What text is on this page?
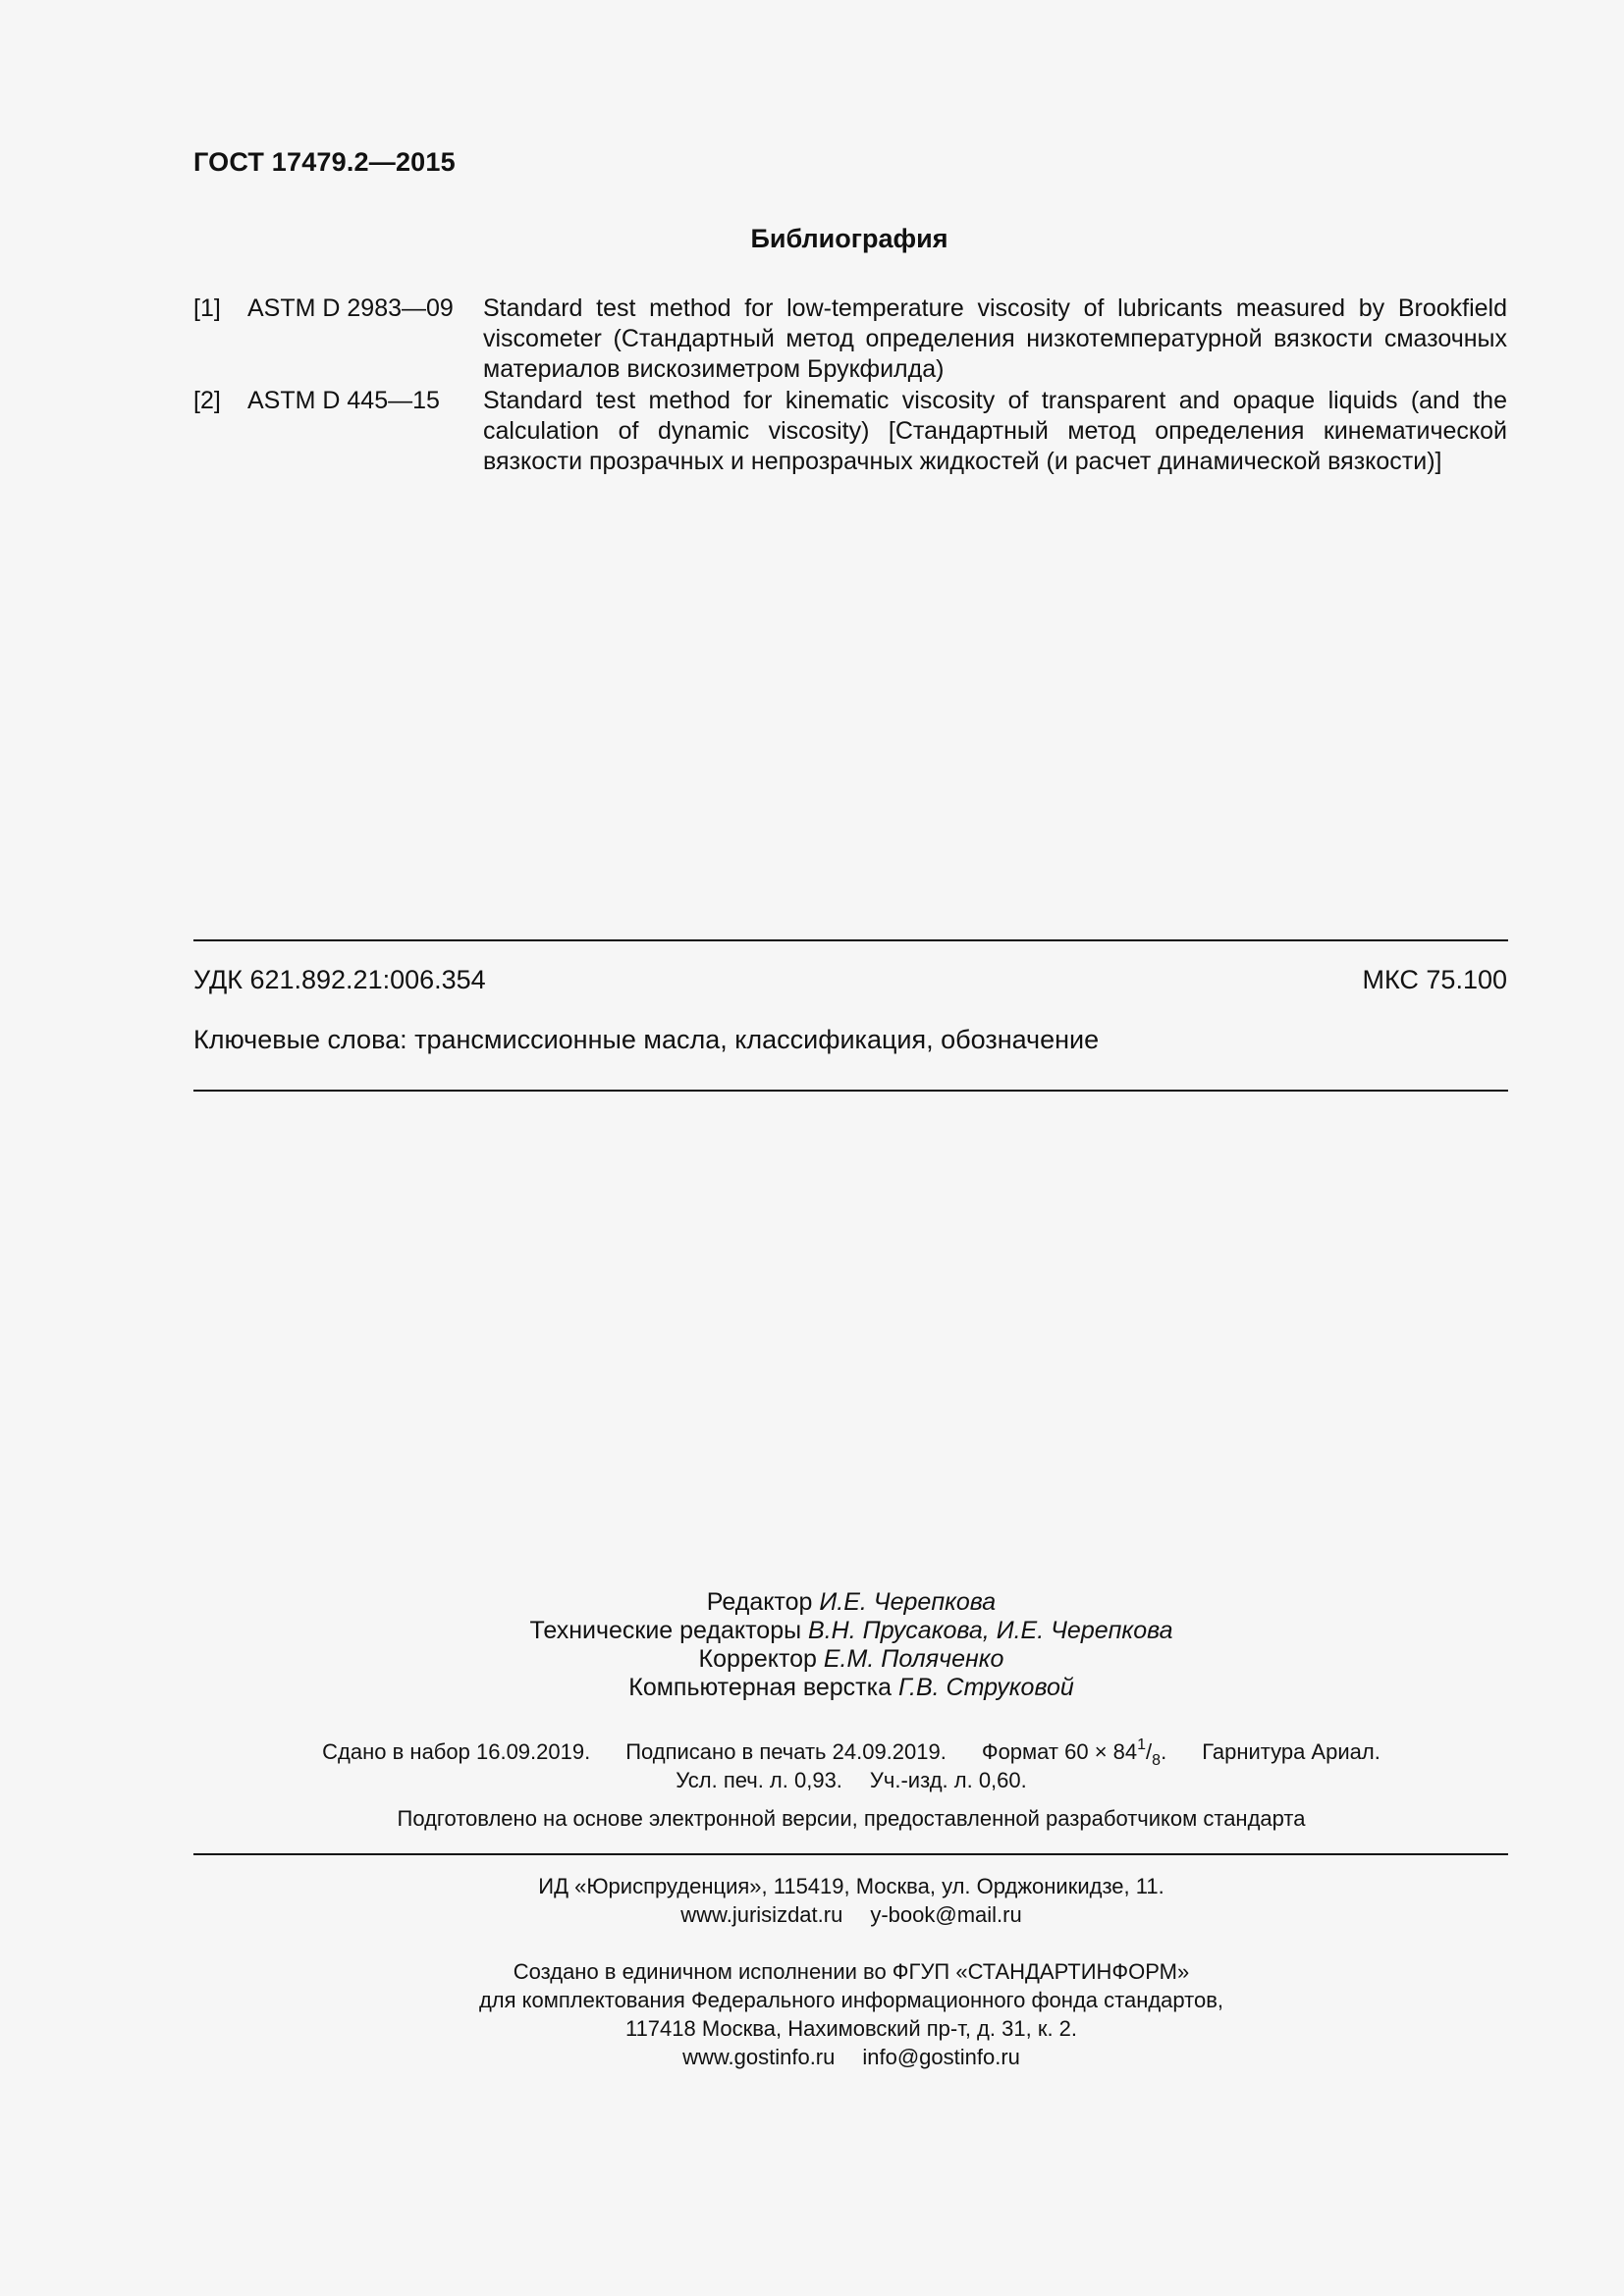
ГОСТ 17479.2—2015
Библиография
[1]	ASTM D 2983—09	Standard test method for low-temperature viscosity of lubricants measured by Brookfield viscometer (Стандартный метод определения низкотемпературной вязкости смазочных материалов вискозиметром Брукфилда)
[2]	ASTM D 445—15	Standard test method for kinematic viscosity of transparent and opaque liquids (and the calculation of dynamic viscosity) [Стандартный метод определения кинематической вязкости прозрачных и непрозрачных жидкостей (и расчет динамической вязкости)]
УДК 621.892.21:006.354	МКС 75.100
Ключевые слова: трансмиссионные масла, классификация, обозначение
Редактор И.Е. Черепкова
Технические редакторы В.Н. Прусакова, И.Е. Черепкова
Корректор Е.М. Поляченко
Компьютерная верстка Г.В. Струковой
Сдано в набор 16.09.2019. Подписано в печать 24.09.2019. Формат $60 \times 84^1/_8$. Гарнитура Ариал.
Усл. печ. л. 0,93. Уч.-изд. л. 0,60.
Подготовлено на основе электронной версии, предоставленной разработчиком стандарта
ИД «Юриспруденция», 115419, Москва, ул. Орджоникидзе, 11.
www.jurisizdat.ru y-book@mail.ru
Создано в единичном исполнении во ФГУП «СТАНДАРТИНФОРМ»
для комплектования Федерального информационного фонда стандартов,
117418 Москва, Нахимовский пр-т, д. 31, к. 2.
www.gostinfo.ru info@gostinfo.ru
